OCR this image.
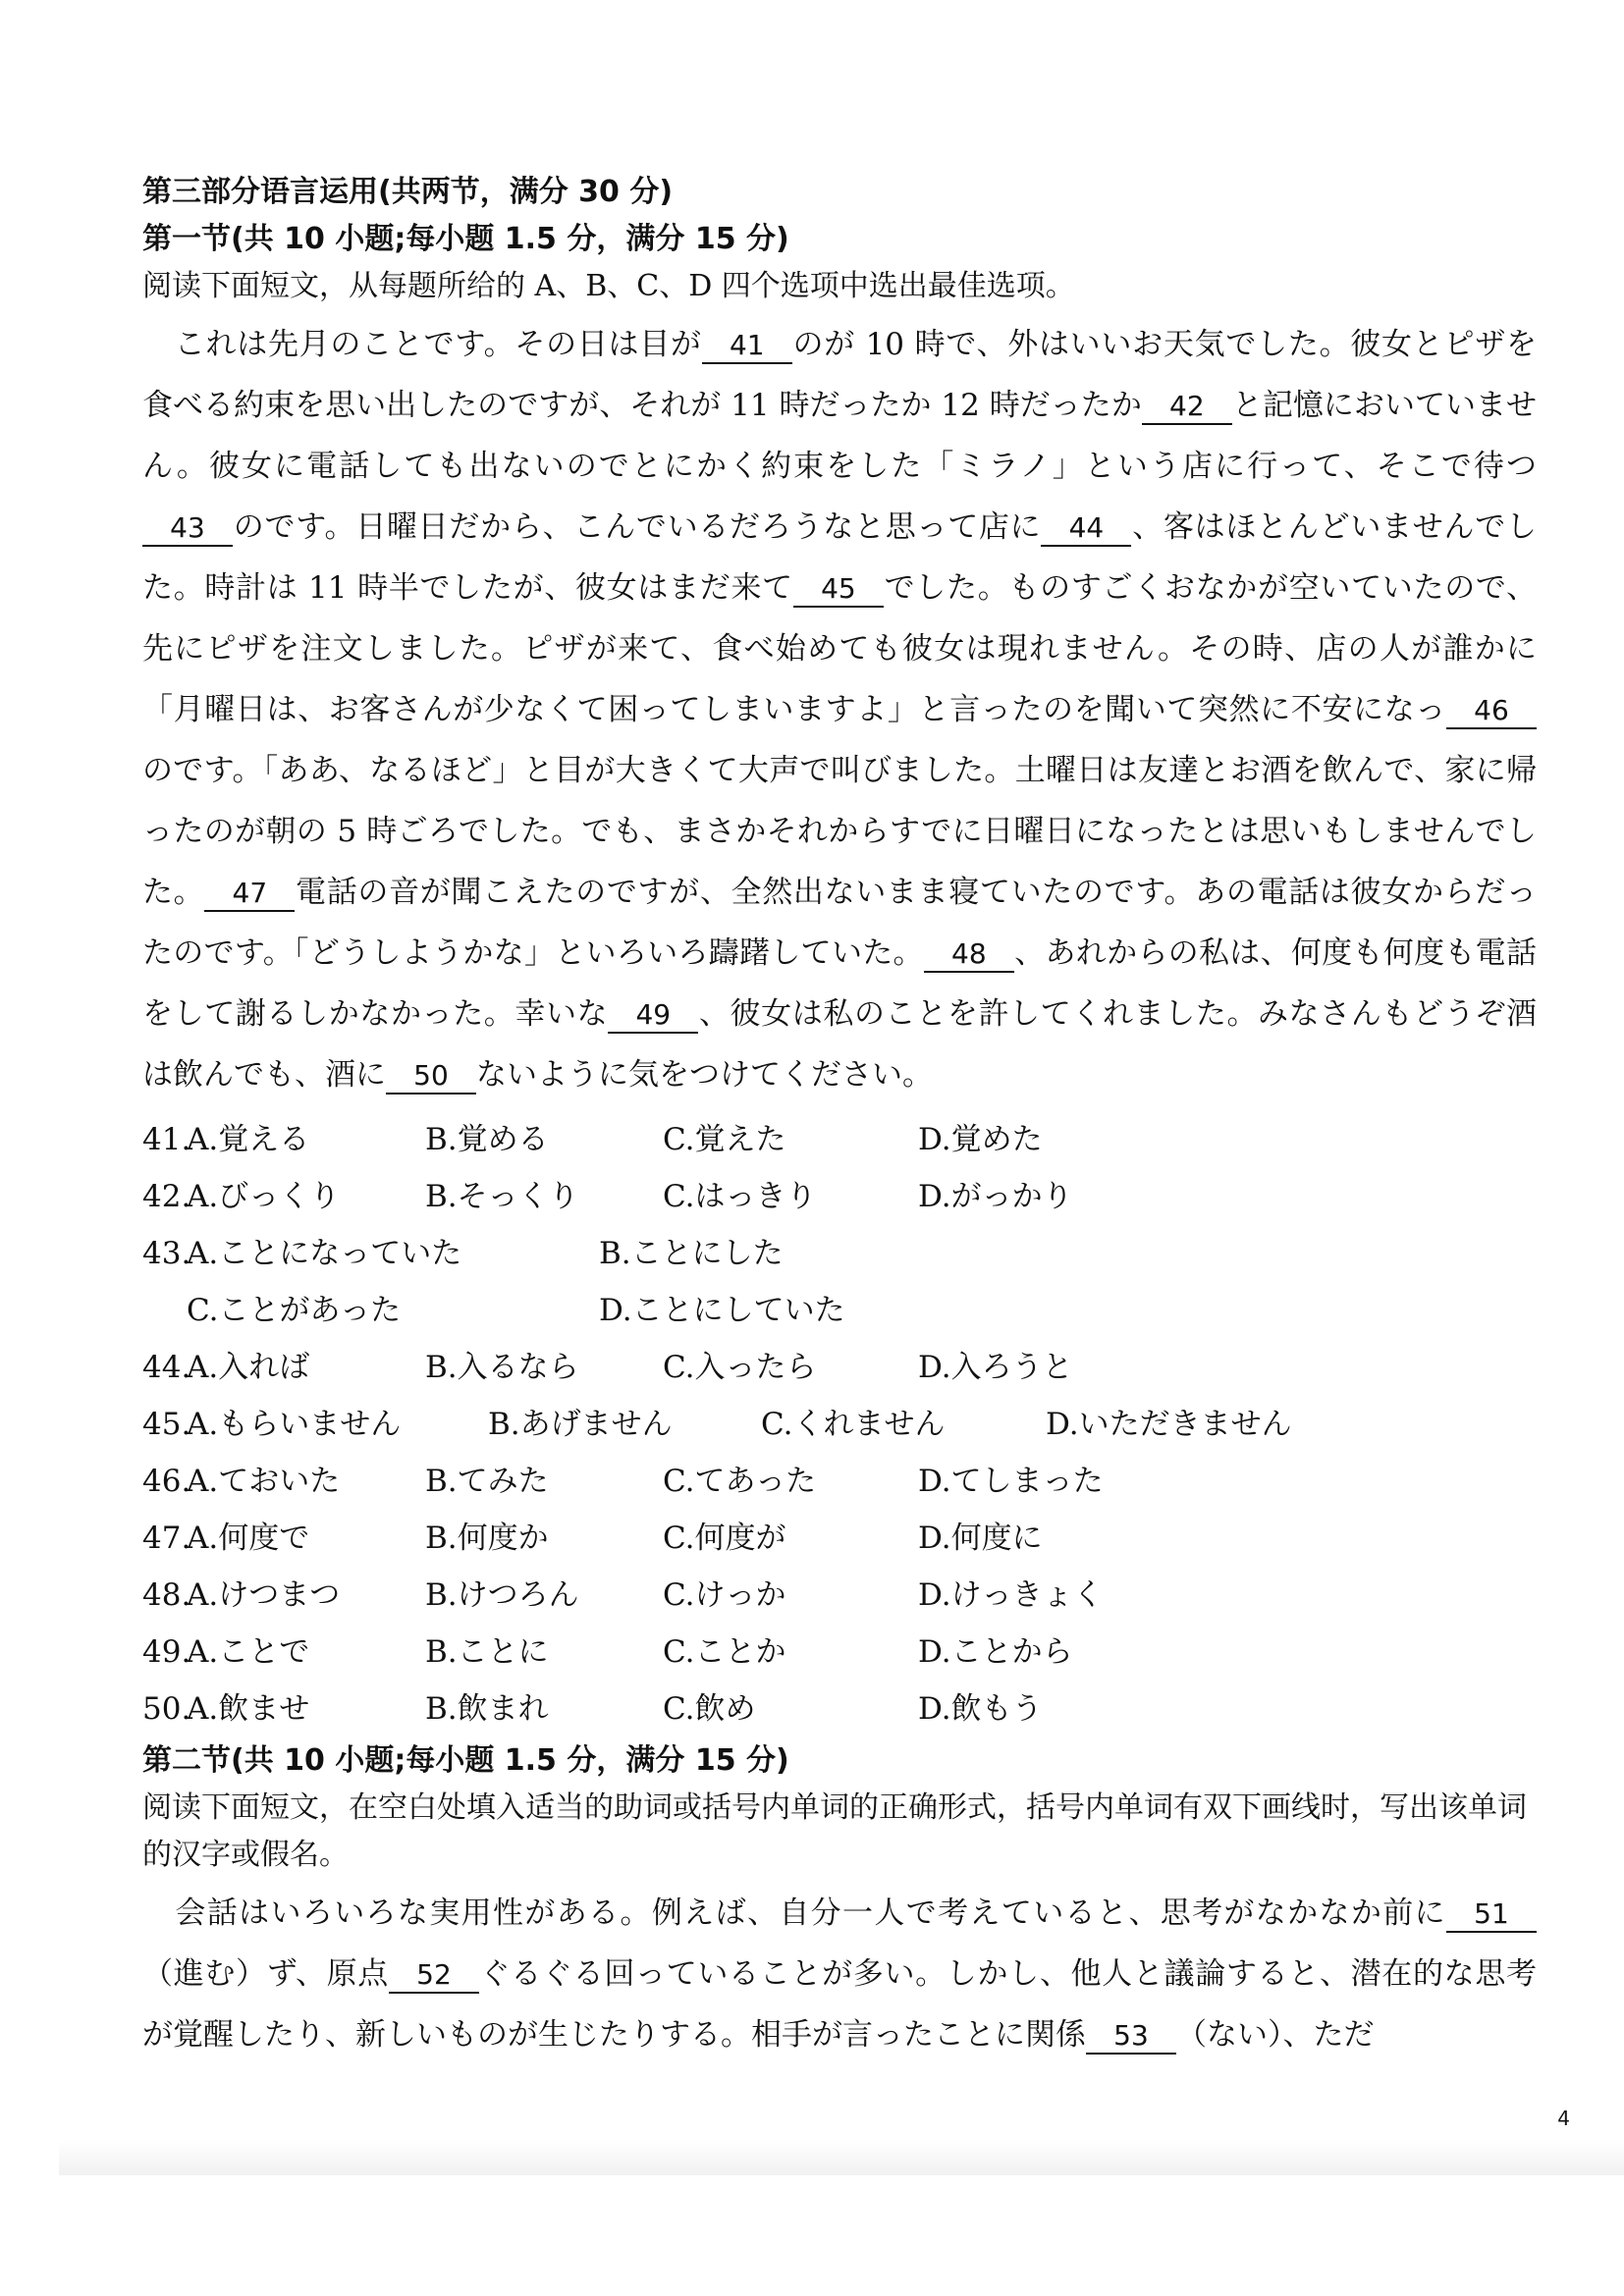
第三部分语言运用(共两节，满分 30 分)

第一节(共 10 小题;每小题 1.5 分，满分 15 分)

阅读下面短文，从每题所给的 A、B、C、D 四个选项中选出最佳选项。

これは先月のことです。その日は目が 41 のが 10 時で、外はいいお天気でした。彼女とピザを食べる約束を思い出したのですが、それが 11 時だったか 12 時だったか 42 と記憶においていません。彼女に電話しても出ないのでとにかく約束をした「ミラノ」という店に行って、そこで待つ43 のです。日曜日だから、こんでいるだろうなと思って店に 44 、客はほとんどいませんでした。時計は 11 時半でしたが、彼女はまだ来て 45 でした。ものすごくおなかが空いていたので、先にピザを注文しました。ピザが来て、食べ始めても彼女は現れません。その時、店の人が誰かに「月曜日は、お客さんが少なくて困ってしまいますよ」と言ったのを聞いて突然に不安になっ 46のです。「ああ、なるほど」と目が大きくて大声で叫びました。土曜日は友達とお酒を飲んで、家に帰ったのが朝の 5 時ごろでした。でも、まさかそれからすでに日曜日になったとは思いもしませんでした。 47 電話の音が聞こえたのですが、全然出ないまま寝ていたのです。あの電話は彼女からだったのです。「どうしようかな」といろいろ躊躇していた。 48 、あれからの私は、何度も何度も電話をして謝るしかなかった。幸いな 49 、彼女は私のことを許してくれました。みなさんもどうぞ酒は飲んでも、酒に 50 ないように気をつけてください。

41.
A.覚える	B.覚める	C.覚えた	D.覚めた
42.
A.びっくり	B.そっくり	C.はっきり	D.がっかり
43.
A.ことになっていた	B.ことにした
C.ことがあった	D.ことにしていた
44.
A.入れば	B.入るなら	C.入ったら	D.入ろうと
45.
A.もらいません	B.あげません	C.くれません	D.いただきません
46.
A.ておいた	B.てみた	C.てあった	D.てしまった
47.
A.何度で	B.何度か	C.何度が	D.何度に
48.
A.けつまつ	B.けつろん	C.けっか	D.けっきょく
49.
A.ことで	B.ことに	C.ことか	D.ことから
50.
A.飲ませ	B.飲まれ	C.飲め	D.飲もう

第二节(共 10 小题;每小题 1.5 分，满分 15 分)

阅读下面短文，在空白处填入适当的助词或括号内单词的正确形式，括号内单词有双下画线时，写出该单词的汉字或假名。

会話はいろいろな実用性がある。例えば、自分一人で考えていると、思考がなかなか前に 51（進む）ず、原点 52 ぐるぐる回っていることが多い。しかし、他人と議論すると、潜在的な思考が覚醒したり、新しいものが生じたりする。相手が言ったことに関係 53 （ない）、ただ

4
